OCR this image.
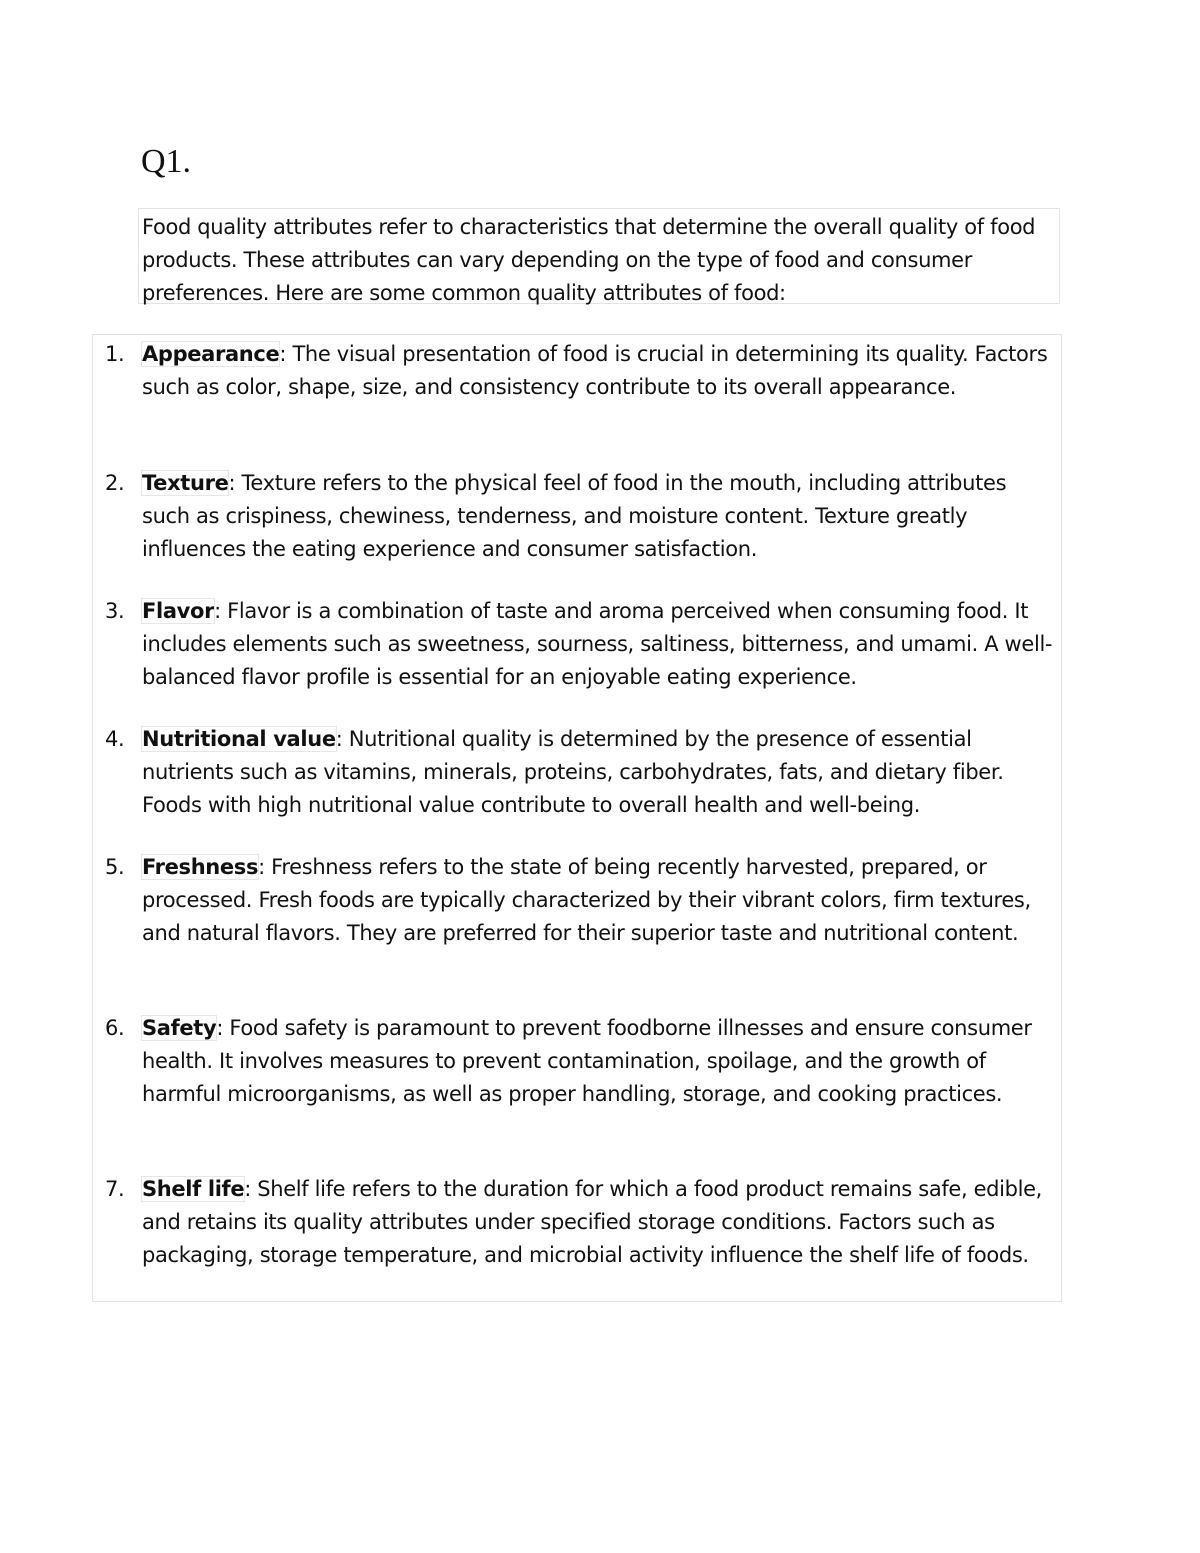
Q1.

Food quality attributes refer to characteristics that determine the overall quality of food products. These attributes can vary depending on the type of food and consumer preferences. Here are some common quality attributes of food:

1. Appearance: The visual presentation of food is crucial in determining its quality. Factors such as color, shape, size, and consistency contribute to its overall appearance.
2. Texture: Texture refers to the physical feel of food in the mouth, including attributes such as crispiness, chewiness, tenderness, and moisture content. Texture greatly influences the eating experience and consumer satisfaction.
3. Flavor: Flavor is a combination of taste and aroma perceived when consuming food. It includes elements such as sweetness, sourness, saltiness, bitterness, and umami. A well-balanced flavor profile is essential for an enjoyable eating experience.
4. Nutritional value: Nutritional quality is determined by the presence of essential nutrients such as vitamins, minerals, proteins, carbohydrates, fats, and dietary fiber. Foods with high nutritional value contribute to overall health and well-being.
5. Freshness: Freshness refers to the state of being recently harvested, prepared, or processed. Fresh foods are typically characterized by their vibrant colors, firm textures, and natural flavors. They are preferred for their superior taste and nutritional content.
6. Safety: Food safety is paramount to prevent foodborne illnesses and ensure consumer health. It involves measures to prevent contamination, spoilage, and the growth of harmful microorganisms, as well as proper handling, storage, and cooking practices.
7. Shelf life: Shelf life refers to the duration for which a food product remains safe, edible, and retains its quality attributes under specified storage conditions. Factors such as packaging, storage temperature, and microbial activity influence the shelf life of foods.
